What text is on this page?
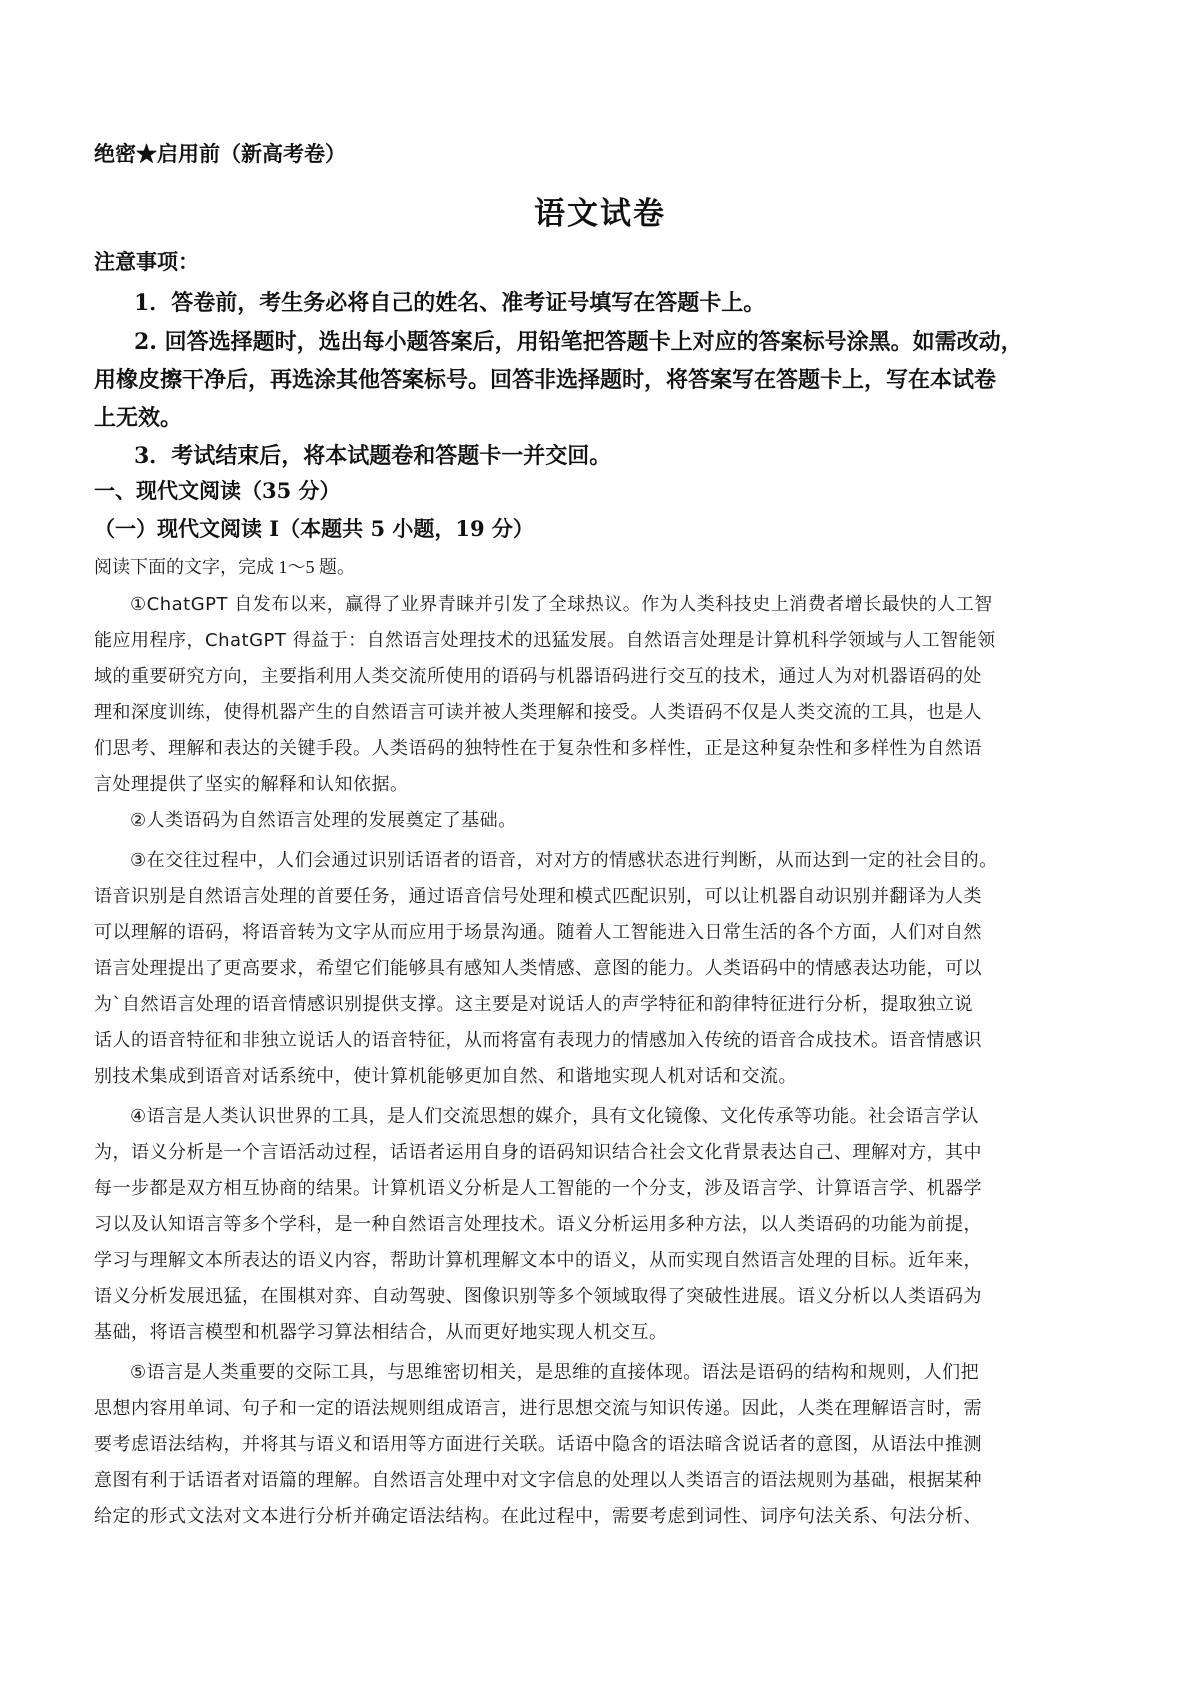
绝密★启用前（新高考卷）
语文试卷
注意事项：
1．答卷前，考生务必将自己的姓名、准考证号填写在答题卡上。
2. 回答选择题时，选出每小题答案后，用铅笔把答题卡上对应的答案标号涂黑。如需改动，
用橡皮擦干净后，再选涂其他答案标号。回答非选择题时，将答案写在答题卡上，写在本试卷
上无效。
3．考试结束后，将本试题卷和答题卡一并交回。
一、现代文阅读（35 分）
（一）现代文阅读 I（本题共 5 小题，19 分）
阅读下面的文字，完成 1～5 题。
①ChatGPT 自发布以来，赢得了业界青睐并引发了全球热议。作为人类科技史上消费者增长最快的人工智
能应用程序，ChatGPT 得益于：自然语言处理技术的迅猛发展。自然语言处理是计算机科学领域与人工智能领
域的重要研究方向，主要指利用人类交流所使用的语码与机器语码进行交互的技术，通过人为对机器语码的处
理和深度训练，使得机器产生的自然语言可读并被人类理解和接受。人类语码不仅是人类交流的工具，也是人
们思考、理解和表达的关键手段。人类语码的独特性在于复杂性和多样性，正是这种复杂性和多样性为自然语
言处理提供了坚实的解释和认知依据。
②人类语码为自然语言处理的发展奠定了基础。
③在交往过程中，人们会通过识别话语者的语音，对对方的情感状态进行判断，从而达到一定的社会目的。
语音识别是自然语言处理的首要任务，通过语音信号处理和模式匹配识别，可以让机器自动识别并翻译为人类
可以理解的语码，将语音转为文字从而应用于场景沟通。随着人工智能进入日常生活的各个方面，人们对自然
语言处理提出了更高要求，希望它们能够具有感知人类情感、意图的能力。人类语码中的情感表达功能，可以
为`自然语言处理的语音情感识别提供支撑。这主要是对说话人的声学特征和韵律特征进行分析，提取独立说
话人的语音特征和非独立说话人的语音特征，从而将富有表现力的情感加入传统的语音合成技术。语音情感识
别技术集成到语音对话系统中，使计算机能够更加自然、和谐地实现人机对话和交流。
④语言是人类认识世界的工具，是人们交流思想的媒介，具有文化镜像、文化传承等功能。社会语言学认
为，语义分析是一个言语活动过程，话语者运用自身的语码知识结合社会文化背景表达自己、理解对方，其中
每一步都是双方相互协商的结果。计算机语义分析是人工智能的一个分支，涉及语言学、计算语言学、机器学
习以及认知语言等多个学科，是一种自然语言处理技术。语义分析运用多种方法，以人类语码的功能为前提，
学习与理解文本所表达的语义内容，帮助计算机理解文本中的语义，从而实现自然语言处理的目标。近年来，
语义分析发展迅猛，在围棋对弈、自动驾驶、图像识别等多个领域取得了突破性进展。语义分析以人类语码为
基础，将语言模型和机器学习算法相结合，从而更好地实现人机交互。
⑤语言是人类重要的交际工具，与思维密切相关，是思维的直接体现。语法是语码的结构和规则，人们把
思想内容用单词、句子和一定的语法规则组成语言，进行思想交流与知识传递。因此，人类在理解语言时，需
要考虑语法结构，并将其与语义和语用等方面进行关联。话语中隐含的语法暗含说话者的意图，从语法中推测
意图有利于话语者对语篇的理解。自然语言处理中对文字信息的处理以人类语言的语法规则为基础，根据某种
给定的形式文法对文本进行分析并确定语法结构。在此过程中，需要考虑到词性、词序句法关系、句法分析、
